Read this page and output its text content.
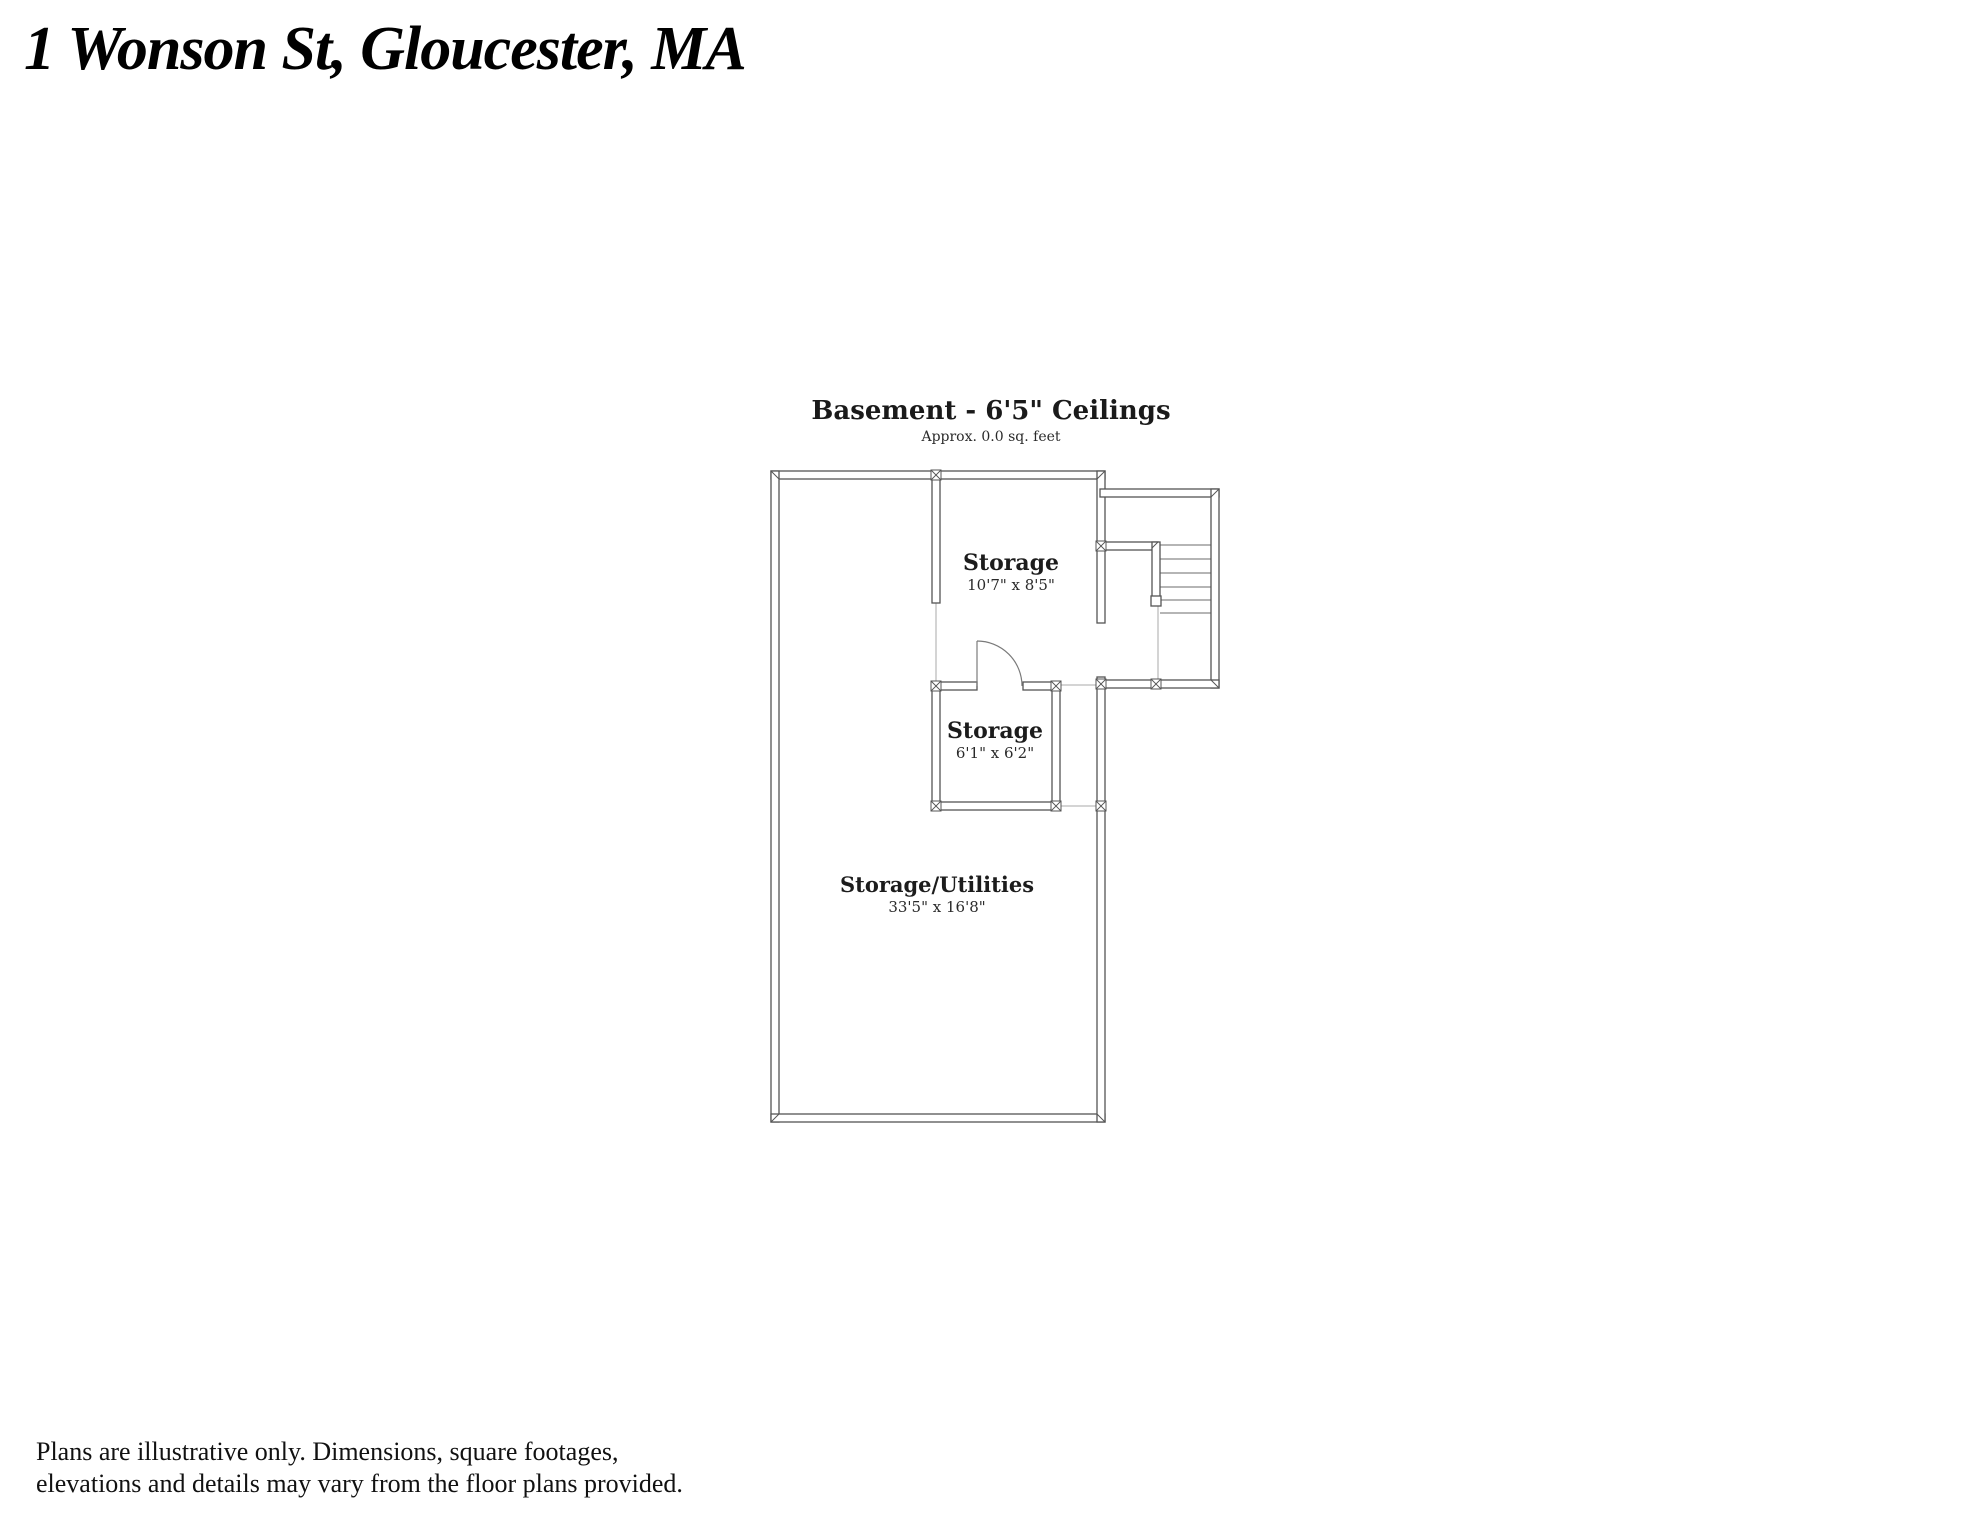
1 Wonson St, Gloucester, MA
Basement - 6'5" Ceilings
Approx. 0.0 sq. feet
Storage
10'7" x 8'5"
Storage
6'1" x 6'2"
Storage/Utilities
33'5" x 16'8"
Plans are illustrative only. Dimensions, square footages,
elevations and details may vary from the floor plans provided.
